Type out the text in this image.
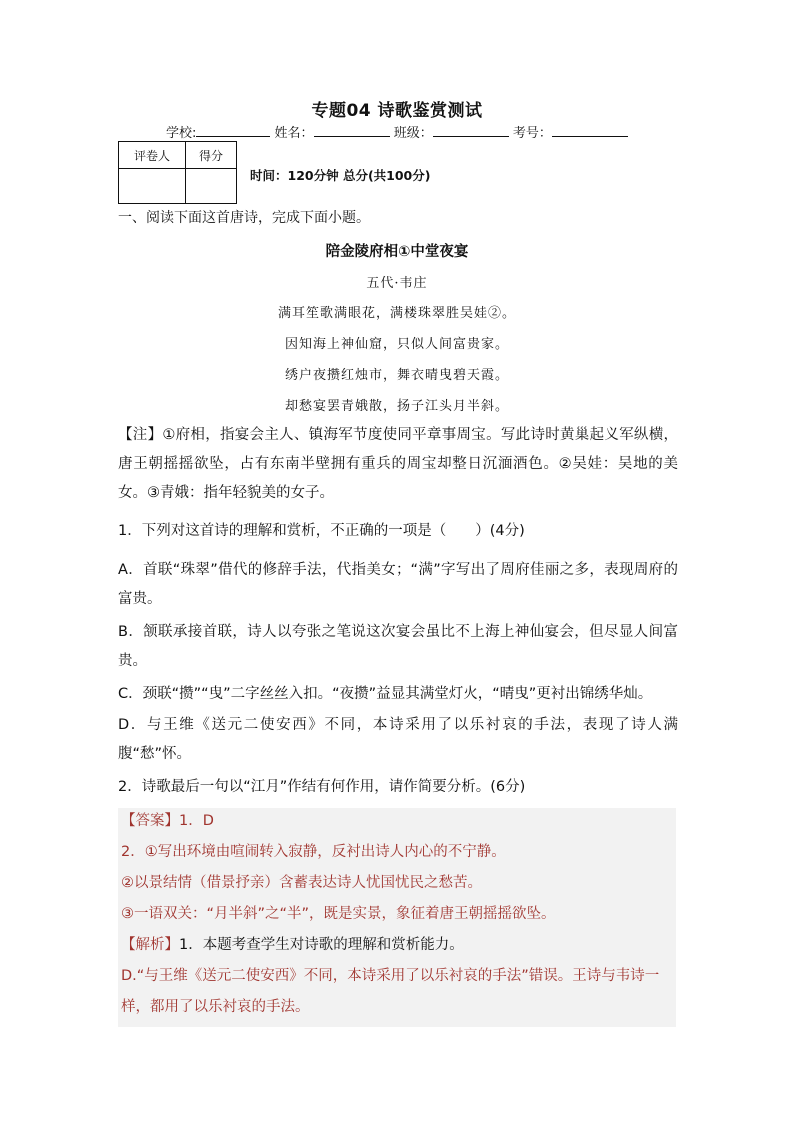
专题04 诗歌鉴赏测试
学校:	姓名：	班级：	考号：
评卷人	得分

时间：120分钟 总分(共100分)
一、阅读下面这首唐诗，完成下面小题。
陪金陵府相①中堂夜宴
五代·韦庄
满耳笙歌满眼花，满楼珠翠胜吴娃②。
因知海上神仙窟，只似人间富贵家。
绣户夜攒红烛市，舞衣晴曳碧天霞。
却愁宴罢青娥散，扬子江头月半斜。
【注】①府相，指宴会主人、镇海军节度使同平章事周宝。写此诗时黄巢起义军纵横，唐王朝摇摇欲坠，占有东南半壁拥有重兵的周宝却整日沉湎酒色。②吴娃：吴地的美女。③青娥：指年轻貌美的女子。
1．下列对这首诗的理解和赏析，不正确的一项是（　　）(4分)
A．首联“珠翠”借代的修辞手法，代指美女；“满”字写出了周府佳丽之多，表现周府的富贵。
B．颔联承接首联，诗人以夸张之笔说这次宴会虽比不上海上神仙宴会，但尽显人间富贵。
C．颈联“攒”“曳”二字丝丝入扣。“夜攒”益显其满堂灯火，“晴曳”更衬出锦绣华灿。
D．与王维《送元二使安西》不同，本诗采用了以乐衬哀的手法，表现了诗人满腹“愁”怀。
2．诗歌最后一句以“江月”作结有何作用，请作简要分析。(6分)
【答案】1．D
2．①写出环境由喧闹转入寂静，反衬出诗人内心的不宁静。
②以景结情（借景抒亲）含蓄表达诗人忧国忧民之愁苦。
③一语双关：“月半斜”之“半”，既是实景，象征着唐王朝摇摇欲坠。
【解析】1．本题考查学生对诗歌的理解和赏析能力。
D.“与王维《送元二使安西》不同，本诗采用了以乐衬哀的手法”错误。王诗与韦诗一样，都用了以乐衬哀的手法。
